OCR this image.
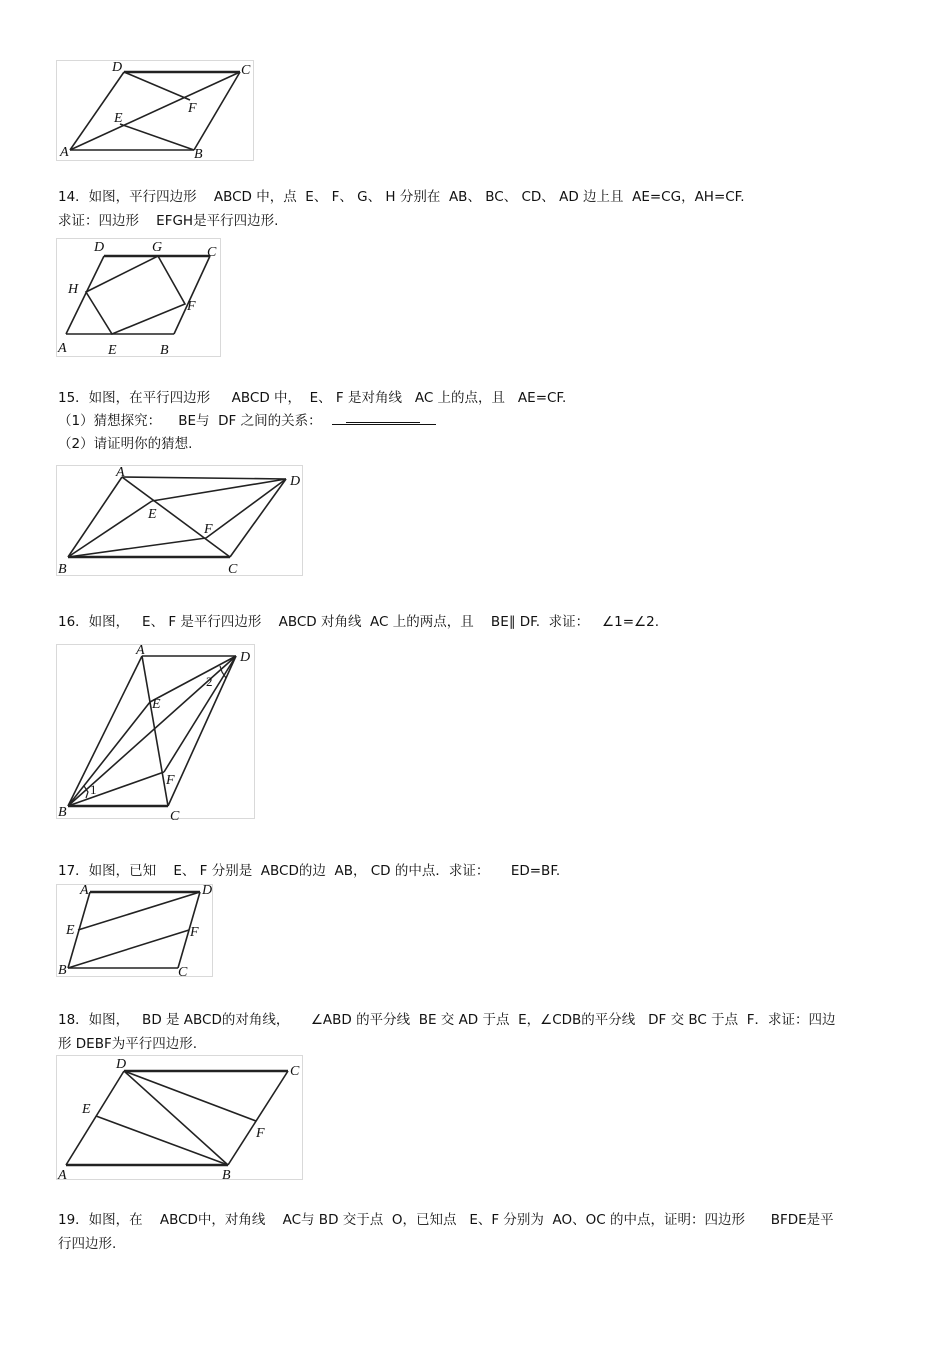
A	B
C
D
E
F
14．如图，平行四边形    ABCD 中，点  E、 F、 G、 H 分别在  AB、 BC、 CD、 AD 边上且  AE=CG，AH=CF.
求证：四边形    EFGH是平行四边形.
A	B
C
D
E
F
G
H
15．如图，在平行四边形     ABCD 中，  E、 F 是对角线   AC 上的点，且   AE=CF.
（1）猜想探究：    BE与  DF 之间的关系：
（2）请证明你的猜想.
A
B	C
D
E
F
16．如图，   E、 F 是平行四边形    ABCD 对角线  AC 上的两点，且    BE∥ DF.  求证：   ∠1=∠2.
A
B	C
D
E
F
1
2
17．如图，已知    E、 F 分别是  ABCD的边  AB， CD 的中点．求证：     ED=BF.
A
B	C
D
E	F
18．如图，   BD 是 ABCD的对角线，     ∠ABD 的平分线  BE 交 AD 于点  E，∠CDB的平分线   DF 交 BC 于点  F．求证：四边
形 DEBF为平行四边形.
A	B
C
D
E
F
19．如图，在    ABCD中，对角线    AC与 BD 交于点  O，已知点   E、F 分别为  AO、OC 的中点，证明：四边形      BFDE是平
行四边形.
